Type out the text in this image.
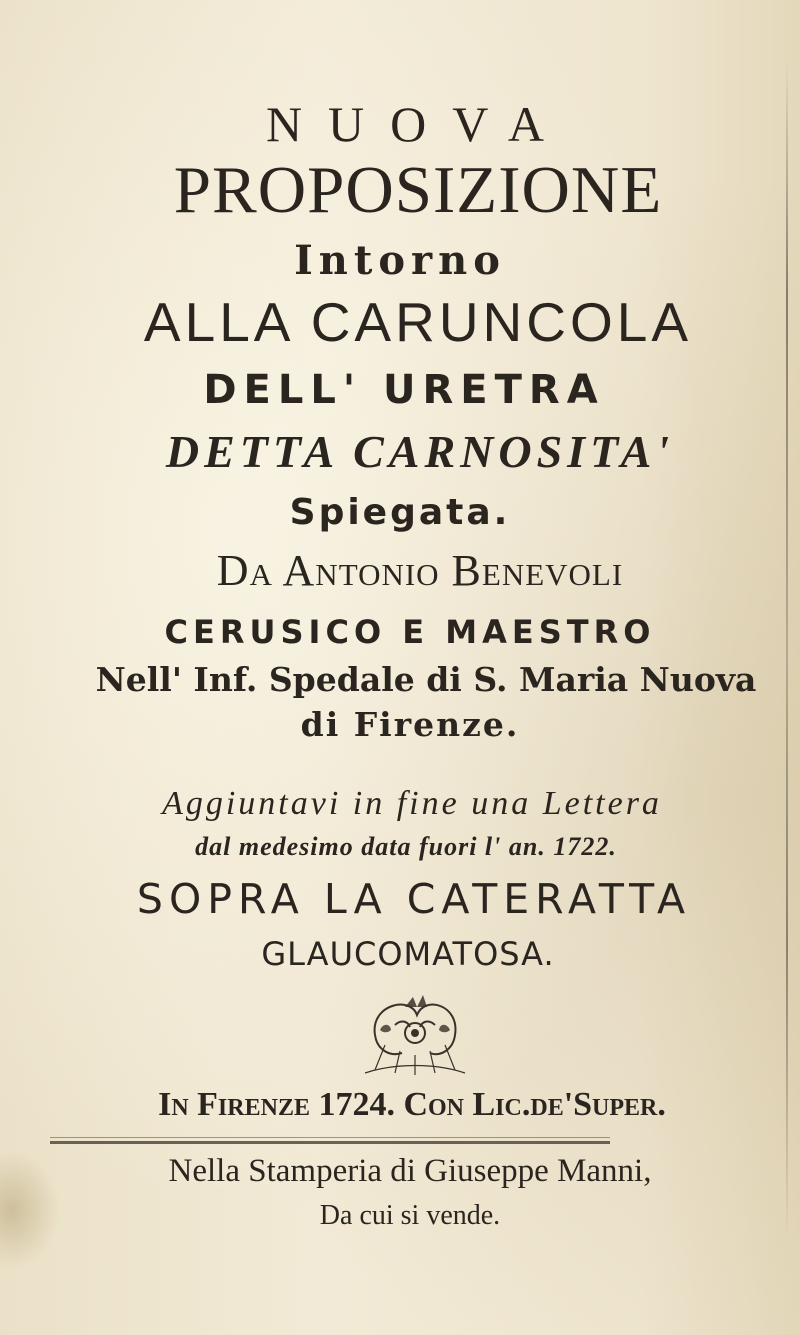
NUOVA
PROPOSIZIONE
Intorno
ALLA CARUNCOLA
DELL' URETRA
DETTA CARNOSITA'
Spiegata.
Da Antonio Benevoli
CERUSICO E MAESTRO
Nell' Inf. Spedale di S. Maria Nuova
di Firenze.
Aggiuntavi in fine una Lettera
dal medesimo data fuori l' an. 1722.
SOPRA LA CATERATTA
GLAUCOMATOSA.
In Firenze 1724. Con Lic.de'Super.
Nella Stamperia di Giuseppe Manni,
Da cui si vende.
